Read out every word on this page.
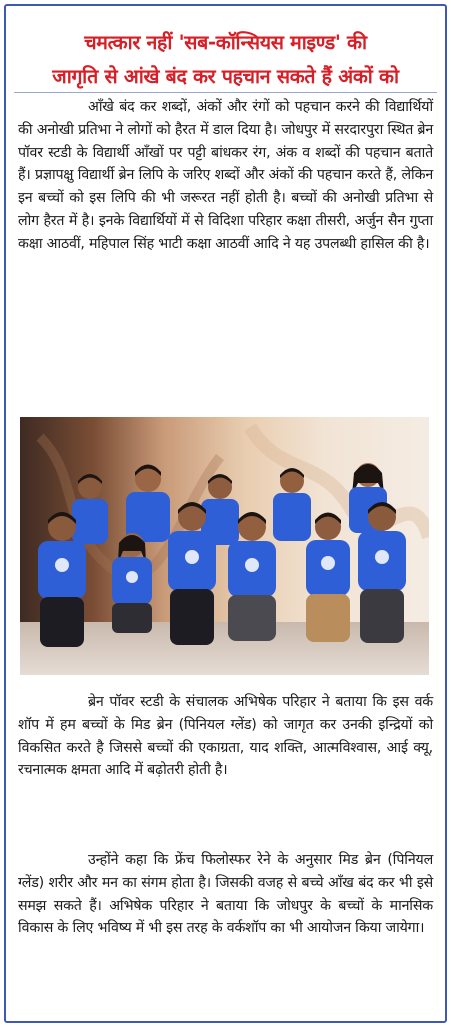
चमत्कार नहीं 'सब-कॉन्सियस माइण्ड' की
जागृति से आंखे बंद कर पहचान सकते हैं अंकों को

आँखे बंद कर शब्दों, अंकों और रंगों को पहचान करने की विद्यार्थियों की अनोखी प्रतिभा ने लोगों को हैरत में डाल दिया है। जोधपुर में सरदारपुरा स्थित ब्रेन पॉवर स्टडी के विद्यार्थी आँखों पर पट्टी बांधकर रंग, अंक व शब्दों की पहचान बताते हैं। प्रज्ञापक्षु विद्यार्थी ब्रेन लिपि के जरिए शब्दों और अंकों की पहचान करते हैं, लेकिन इन बच्चों को इस लिपि की भी जरूरत नहीं होती है। बच्चों की अनोखी प्रतिभा से लोग हैरत में है। इनके विद्यार्थियों में से विदिशा परिहार कक्षा तीसरी, अर्जुन सैन गुप्ता कक्षा आठवीं, महिपाल सिंह भाटी कक्षा आठवीं आदि ने यह उपलब्धी हासिल की है।

ब्रेन पॉवर स्टडी के संचालक अभिषेक परिहार ने बताया कि इस वर्क शॉप में हम बच्चों के मिड ब्रेन (पिनियल ग्लेंड) को जागृत कर उनकी इन्द्रियों को विकसित करते है जिससे बच्चों की एकाग्रता, याद शक्ति, आत्मविश्वास, आई क्यू, रचनात्मक क्षमता आदि में बढ़ोतरी होती है।

उन्होंने कहा कि फ्रेंच फिलोस्फर रेने के अनुसार मिड ब्रेन (पिनियल ग्लेंड) शरीर और मन का संगम होता है। जिसकी वजह से बच्चे आँख बंद कर भी इसे समझ सकते हैं। अभिषेक परिहार ने बताया कि जोधपुर के बच्चों के मानसिक विकास के लिए भविष्य में भी इस तरह के वर्कशॉप का भी आयोजन किया जायेगा।
